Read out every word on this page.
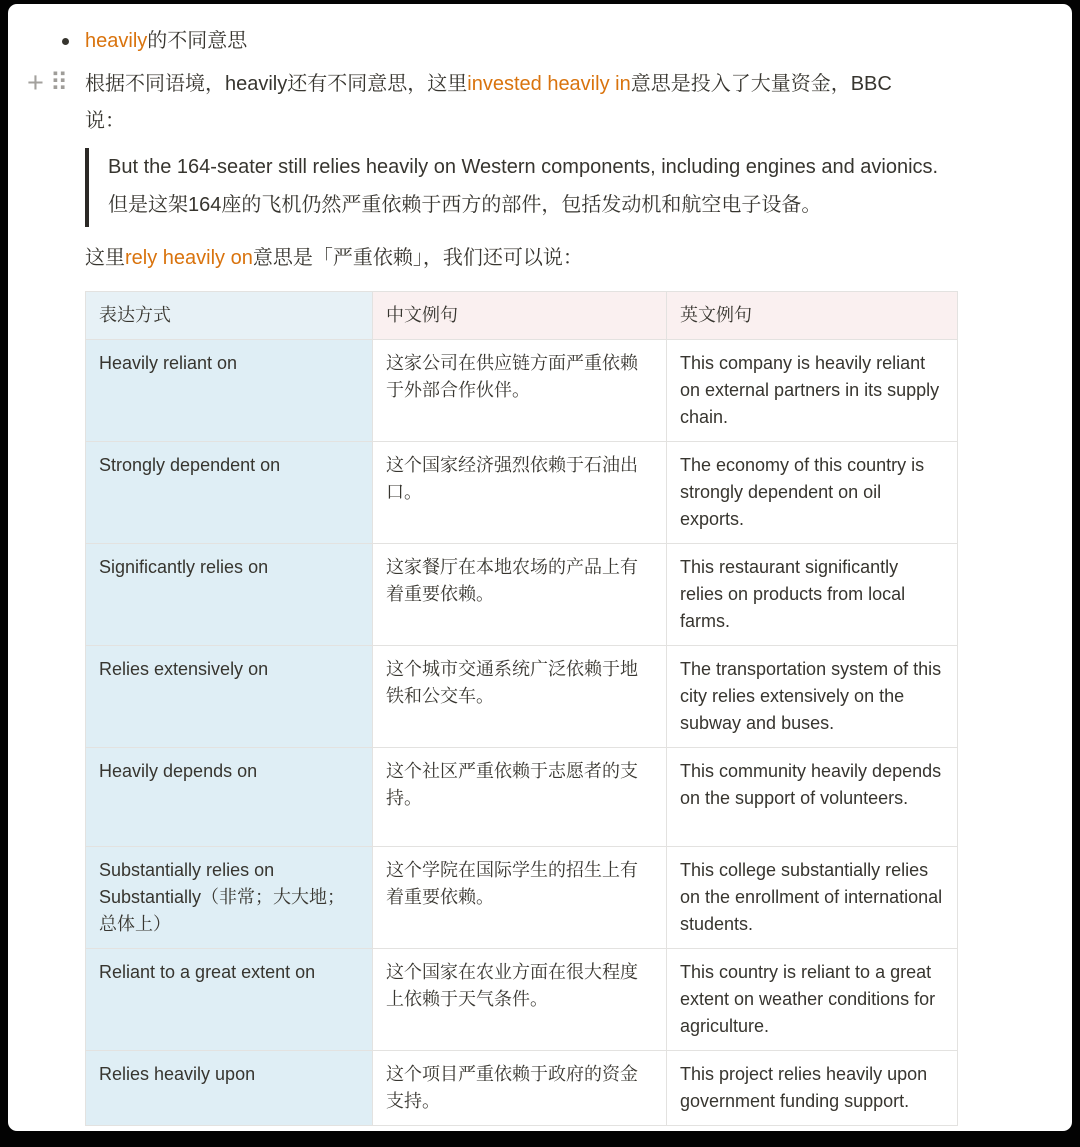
heavily的不同意思

+ ⠿ 根据不同语境，heavily还有不同意思，这里invested heavily in意思是投入了大量资金，BBC
说：

But the 164-seater still relies heavily on Western components, including engines and avionics.

但是这架164座的飞机仍然严重依赖于西方的部件，包括发动机和航空电子设备。

这里rely heavily on意思是「严重依赖」，我们还可以说：

表达方式	中文例句	英文例句
Heavily reliant on	这家公司在供应链方面严重依赖于外部合作伙伴。	This company is heavily reliant on external partners in its supply chain.
Strongly dependent on	这个国家经济强烈依赖于石油出口。	The economy of this country is strongly dependent on oil exports.
Significantly relies on	这家餐厅在本地农场的产品上有着重要依赖。	This restaurant significantly relies on products from local farms.
Relies extensively on	这个城市交通系统广泛依赖于地铁和公交车。	The transportation system of this city relies extensively on the subway and buses.
Heavily depends on	这个社区严重依赖于志愿者的支持。	This community heavily depends on the support of volunteers.
Substantially relies on Substantially（非常；大大地；总体上）	这个学院在国际学生的招生上有着重要依赖。	This college substantially relies on the enrollment of international students.
Reliant to a great extent on	这个国家在农业方面在很大程度上依赖于天气条件。	This country is reliant to a great extent on weather conditions for agriculture.
Relies heavily upon	这个项目严重依赖于政府的资金支持。	This project relies heavily upon government funding support.
